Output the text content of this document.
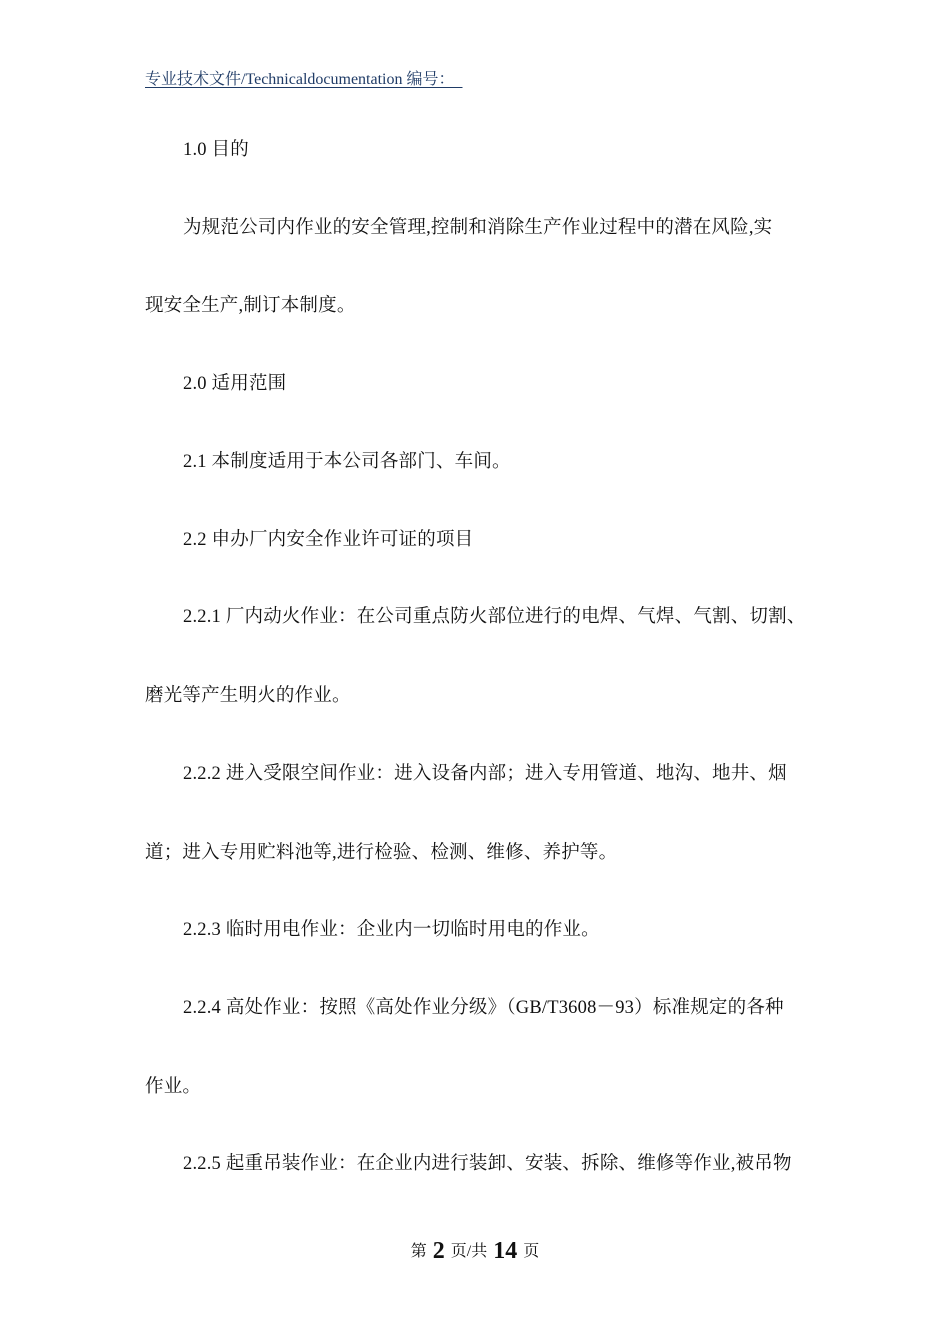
专业技术文件/Technicaldocumentation 编号：　
1.0 目的
为规范公司内作业的安全管理,控制和消除生产作业过程中的潜在风险,实
现安全生产,制订本制度。
2.0 适用范围
2.1 本制度适用于本公司各部门、车间。
2.2 申办厂内安全作业许可证的项目
2.2.1 厂内动火作业：在公司重点防火部位进行的电焊、气焊、气割、切割、
磨光等产生明火的作业。
2.2.2 进入受限空间作业：进入设备内部；进入专用管道、地沟、地井、烟
道；进入专用贮料池等,进行检验、检测、维修、养护等。
2.2.3 临时用电作业：企业内一切临时用电的作业。
2.2.4 高处作业：按照《高处作业分级》（GB/T3608－93）标准规定的各种
作业。
2.2.5 起重吊装作业：在企业内进行装卸、安装、拆除、维修等作业,被吊物
第 2 页/共 14 页
